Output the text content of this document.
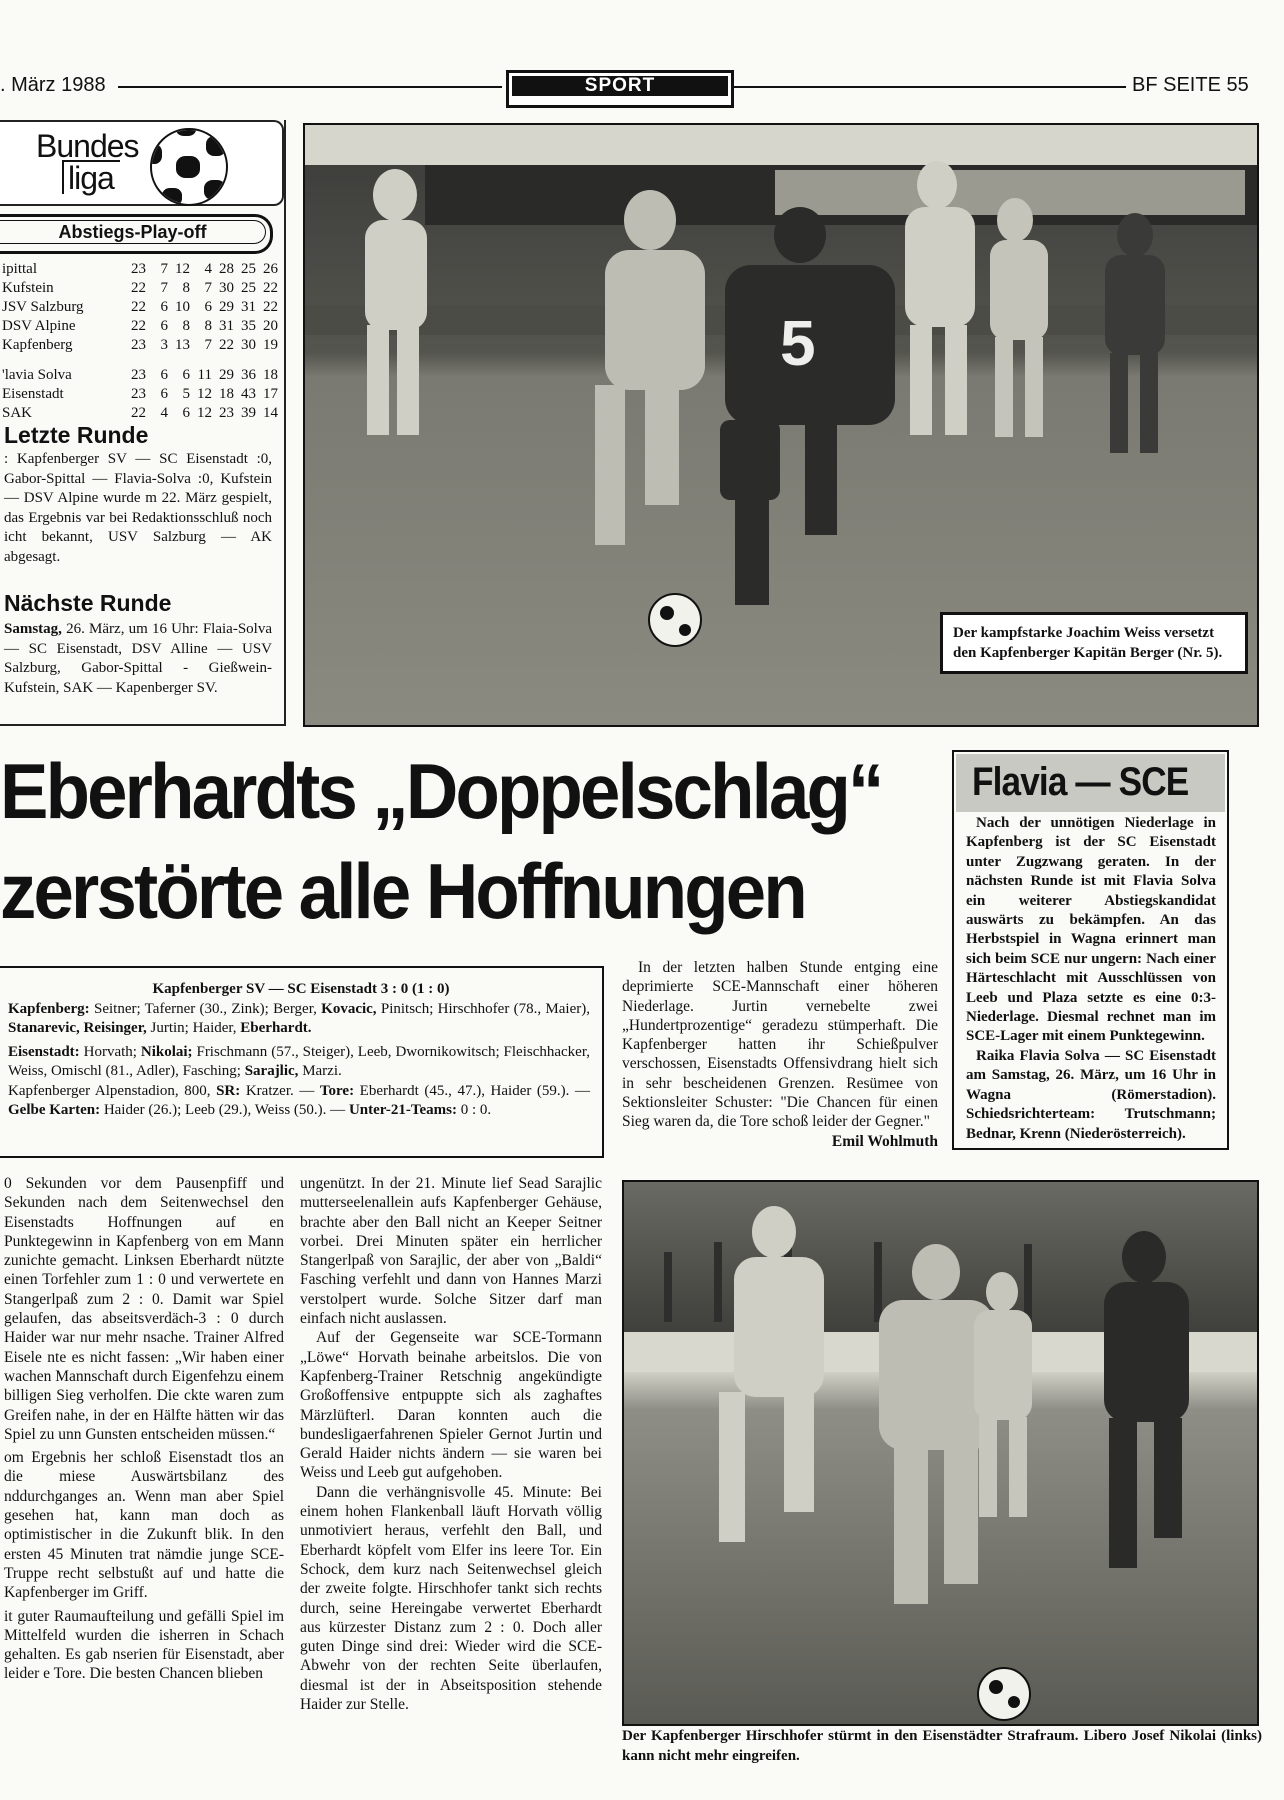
. März 1988	SPORT	BF SEITE 55
Bundes
liga
Abstiegs-Play-off
ipittal	23	7	12	4	28	25	26
Kufstein	22	7	8	7	30	25	22
JSV Salzburg	22	6	10	6	29	31	22
DSV Alpine	22	6	8	8	31	35	20
Kapfenberg	23	3	13	7	22	30	19
'lavia Solva	23	6	6	11	29	36	18
Eisenstadt	23	6	5	12	18	43	17
SAK	22	4	6	12	23	39	14
Letzte Runde
: Kapfenberger SV — SC Eisenstadt :0, Gabor-Spittal — Flavia-Solva :0, Kufstein — DSV Alpine wurde m 22. März gespielt, das Ergebnis var bei Redaktionsschluß noch icht bekannt, USV Salzburg — AK abgesagt.
Nächste Runde
Samstag, 26. März, um 16 Uhr: Flaia-Solva — SC Eisenstadt, DSV Alline — USV Salzburg, Gabor-Spittal - Gießwein-Kufstein, SAK — Kapenberger SV.
5
Der kampfstarke Joachim Weiss versetzt den Kapfenberger Kapitän Berger (Nr. 5).
Eberhardts „Doppelschlag“
zerstörte alle Hoffnungen
Flavia — SCE
Nach der unnötigen Niederlage in Kapfenberg ist der SC Eisenstadt unter Zugzwang geraten. In der nächsten Runde ist mit Flavia Solva ein weiterer Abstiegskandidat auswärts zu bekämpfen. An das Herbstspiel in Wagna erinnert man sich beim SCE nur ungern: Nach einer Härteschlacht mit Ausschlüssen von Leeb und Plaza setzte es eine 0:3-Niederlage. Diesmal rechnet man im SCE-Lager mit einem Punktegewinn.
Raika Flavia Solva — SC Eisenstadt am Samstag, 26. März, um 16 Uhr in Wagna (Römerstadion). Schiedsrichterteam: Trutschmann; Bednar, Krenn (Niederösterreich).
Kapfenberger SV — SC Eisenstadt 3 : 0 (1 : 0)

Kapfenberg: Seitner; Taferner (30., Zink); Berger, Kovacic, Pinitsch; Hirschhofer (78., Maier), Stanarevic, Reisinger, Jurtin; Haider, Eberhardt.

Eisenstadt: Horvath; Nikolai; Frischmann (57., Steiger), Leeb, Dwornikowitsch; Fleischhacker, Weiss, Omischl (81., Adler), Fasching; Sarajlic, Marzi.

Kapfenberger Alpenstadion, 800, SR: Kratzer. — Tore: Eberhardt (45., 47.), Haider (59.). — Gelbe Karten: Haider (26.); Leeb (29.), Weiss (50.). — Unter-21-Teams: 0 : 0.

In der letzten halben Stunde entging eine deprimierte SCE-Mannschaft einer höheren Niederlage. Jurtin vernebelte zwei „Hundertprozentige“ geradezu stümperhaft. Die Kapfenberger hatten ihr Schießpulver verschossen, Eisenstadts Offensivdrang hielt sich in sehr bescheidenen Grenzen. Resümee von Sektionsleiter Schuster: "Die Chancen für einen Sieg waren da, die Tore schoß leider der Gegner."

Emil Wohlmuth

0 Sekunden vor dem Pausenpfiff und Sekunden nach dem Seitenwechsel den Eisenstadts Hoffnungen auf en Punktegewinn in Kapfenberg von em Mann zunichte gemacht. Linksen Eberhardt nützte einen Torfehler zum 1 : 0 und verwertete en Stangerlpaß zum 2 : 0. Damit war Spiel gelaufen, das abseitsverdäch-3 : 0 durch Haider war nur mehr nsache. Trainer Alfred Eisele nte es nicht fassen: „Wir haben einer wachen Mannschaft durch Eigenfehzu einem billigen Sieg verholfen. Die ckte waren zum Greifen nahe, in der en Hälfte hätten wir das Spiel zu unn Gunsten entscheiden müssen.“

om Ergebnis her schloß Eisenstadt tlos an die miese Auswärtsbilanz des nddurchganges an. Wenn man aber Spiel gesehen hat, kann man doch as optimistischer in die Zukunft blik. In den ersten 45 Minuten trat nämdie junge SCE-Truppe recht selbstußt auf und hatte die Kapfenberger im Griff.

it guter Raumaufteilung und gefälli Spiel im Mittelfeld wurden die isherren in Schach gehalten. Es gab nserien für Eisenstadt, aber leider e Tore. Die besten Chancen blieben

ungenützt. In der 21. Minute lief Sead Sarajlic mutterseelenallein aufs Kapfenberger Gehäuse, brachte aber den Ball nicht an Keeper Seitner vorbei. Drei Minuten später ein herrlicher Stangerlpaß von Sarajlic, der aber von „Baldi“ Fasching verfehlt und dann von Hannes Marzi verstolpert wurde. Solche Sitzer darf man einfach nicht auslassen.

Auf der Gegenseite war SCE-Tormann „Löwe“ Horvath beinahe arbeitslos. Die von Kapfenberg-Trainer Retschnig angekündigte Großoffensive entpuppte sich als zaghaftes Märzlüfterl. Daran konnten auch die bundesligaerfahrenen Spieler Gernot Jurtin und Gerald Haider nichts ändern — sie waren bei Weiss und Leeb gut aufgehoben.

Dann die verhängnisvolle 45. Minute: Bei einem hohen Flankenball läuft Horvath völlig unmotiviert heraus, verfehlt den Ball, und Eberhardt köpfelt vom Elfer ins leere Tor. Ein Schock, dem kurz nach Seitenwechsel gleich der zweite folgte. Hirschhofer tankt sich rechts durch, seine Hereingabe verwertet Eberhardt aus kürzester Distanz zum 2 : 0. Doch aller guten Dinge sind drei: Wieder wird die SCE-Abwehr von der rechten Seite überlaufen, diesmal ist der in Abseitsposition stehende Haider zur Stelle.

Der Kapfenberger Hirschhofer stürmt in den Eisenstädter Strafraum. Libero Josef Nikolai (links) kann nicht mehr eingreifen.
